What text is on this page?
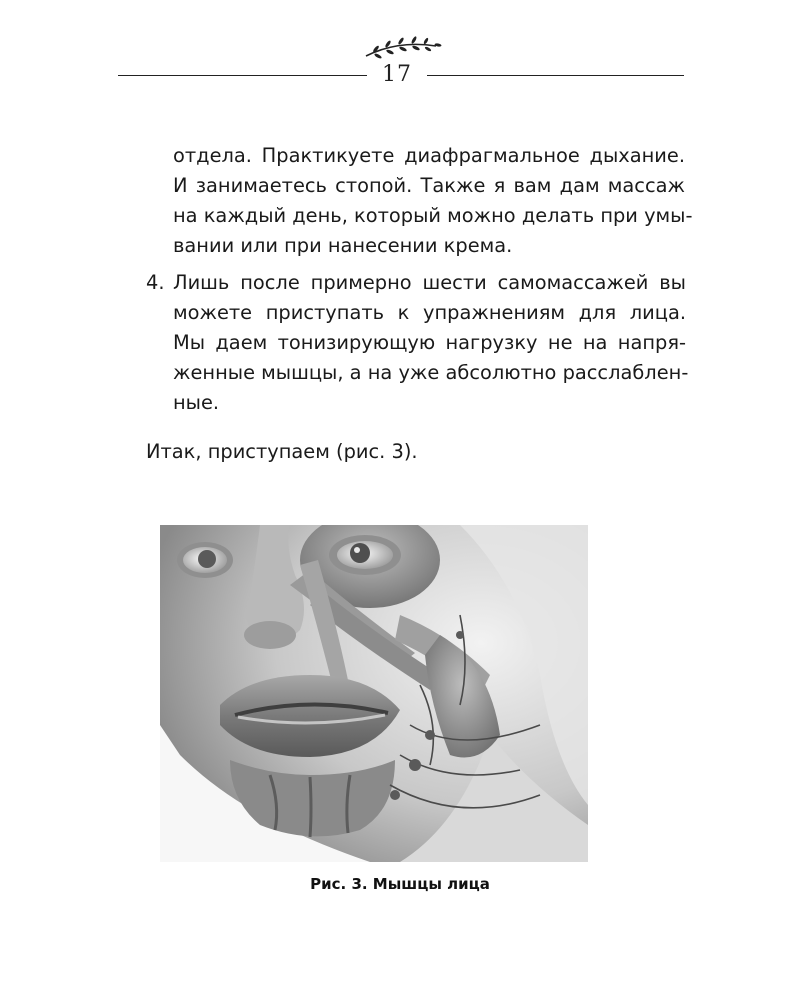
17
отдела. Практикуете диафрагмальное дыхание.
И занимаетесь стопой. Также я вам дам массаж
на каждый день, который можно делать при умы-
вании или при нанесении крема.
4. Лишь после примерно шести самомассажей вы
можете приступать к упражнениям для лица.
Мы даем тонизирующую нагрузку не на напря-
женные мышцы, а на уже абсолютно расслаблен-
ные.

Итак, приступаем (рис. 3).

Рис. 3. Мышцы лица
